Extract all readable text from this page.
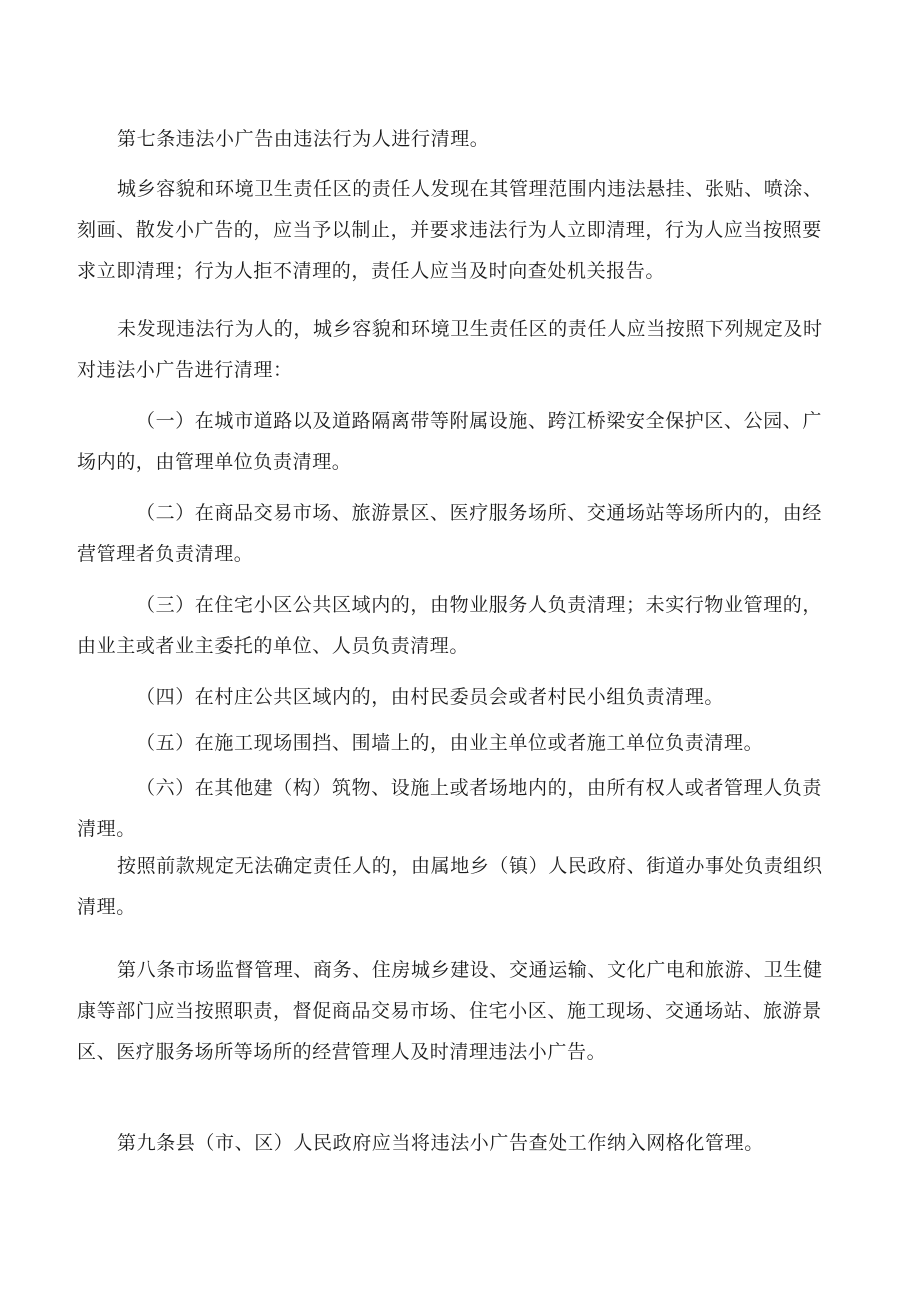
第七条违法小广告由违法行为人进行清理。

城乡容貌和环境卫生责任区的责任人发现在其管理范围内违法悬挂、张贴、喷涂、刻画、散发小广告的，应当予以制止，并要求违法行为人立即清理，行为人应当按照要求立即清理；行为人拒不清理的，责任人应当及时向查处机关报告。

未发现违法行为人的，城乡容貌和环境卫生责任区的责任人应当按照下列规定及时对违法小广告进行清理：

（一）在城市道路以及道路隔离带等附属设施、跨江桥梁安全保护区、公园、广场内的，由管理单位负责清理。

（二）在商品交易市场、旅游景区、医疗服务场所、交通场站等场所内的，由经营管理者负责清理。

（三）在住宅小区公共区域内的，由物业服务人负责清理；未实行物业管理的，由业主或者业主委托的单位、人员负责清理。

（四）在村庄公共区域内的，由村民委员会或者村民小组负责清理。

（五）在施工现场围挡、围墙上的，由业主单位或者施工单位负责清理。

（六）在其他建（构）筑物、设施上或者场地内的，由所有权人或者管理人负责清理。

按照前款规定无法确定责任人的，由属地乡（镇）人民政府、街道办事处负责组织清理。

第八条市场监督管理、商务、住房城乡建设、交通运输、文化广电和旅游、卫生健康等部门应当按照职责，督促商品交易市场、住宅小区、施工现场、交通场站、旅游景区、医疗服务场所等场所的经营管理人及时清理违法小广告。

第九条县（市、区）人民政府应当将违法小广告查处工作纳入网格化管理。
